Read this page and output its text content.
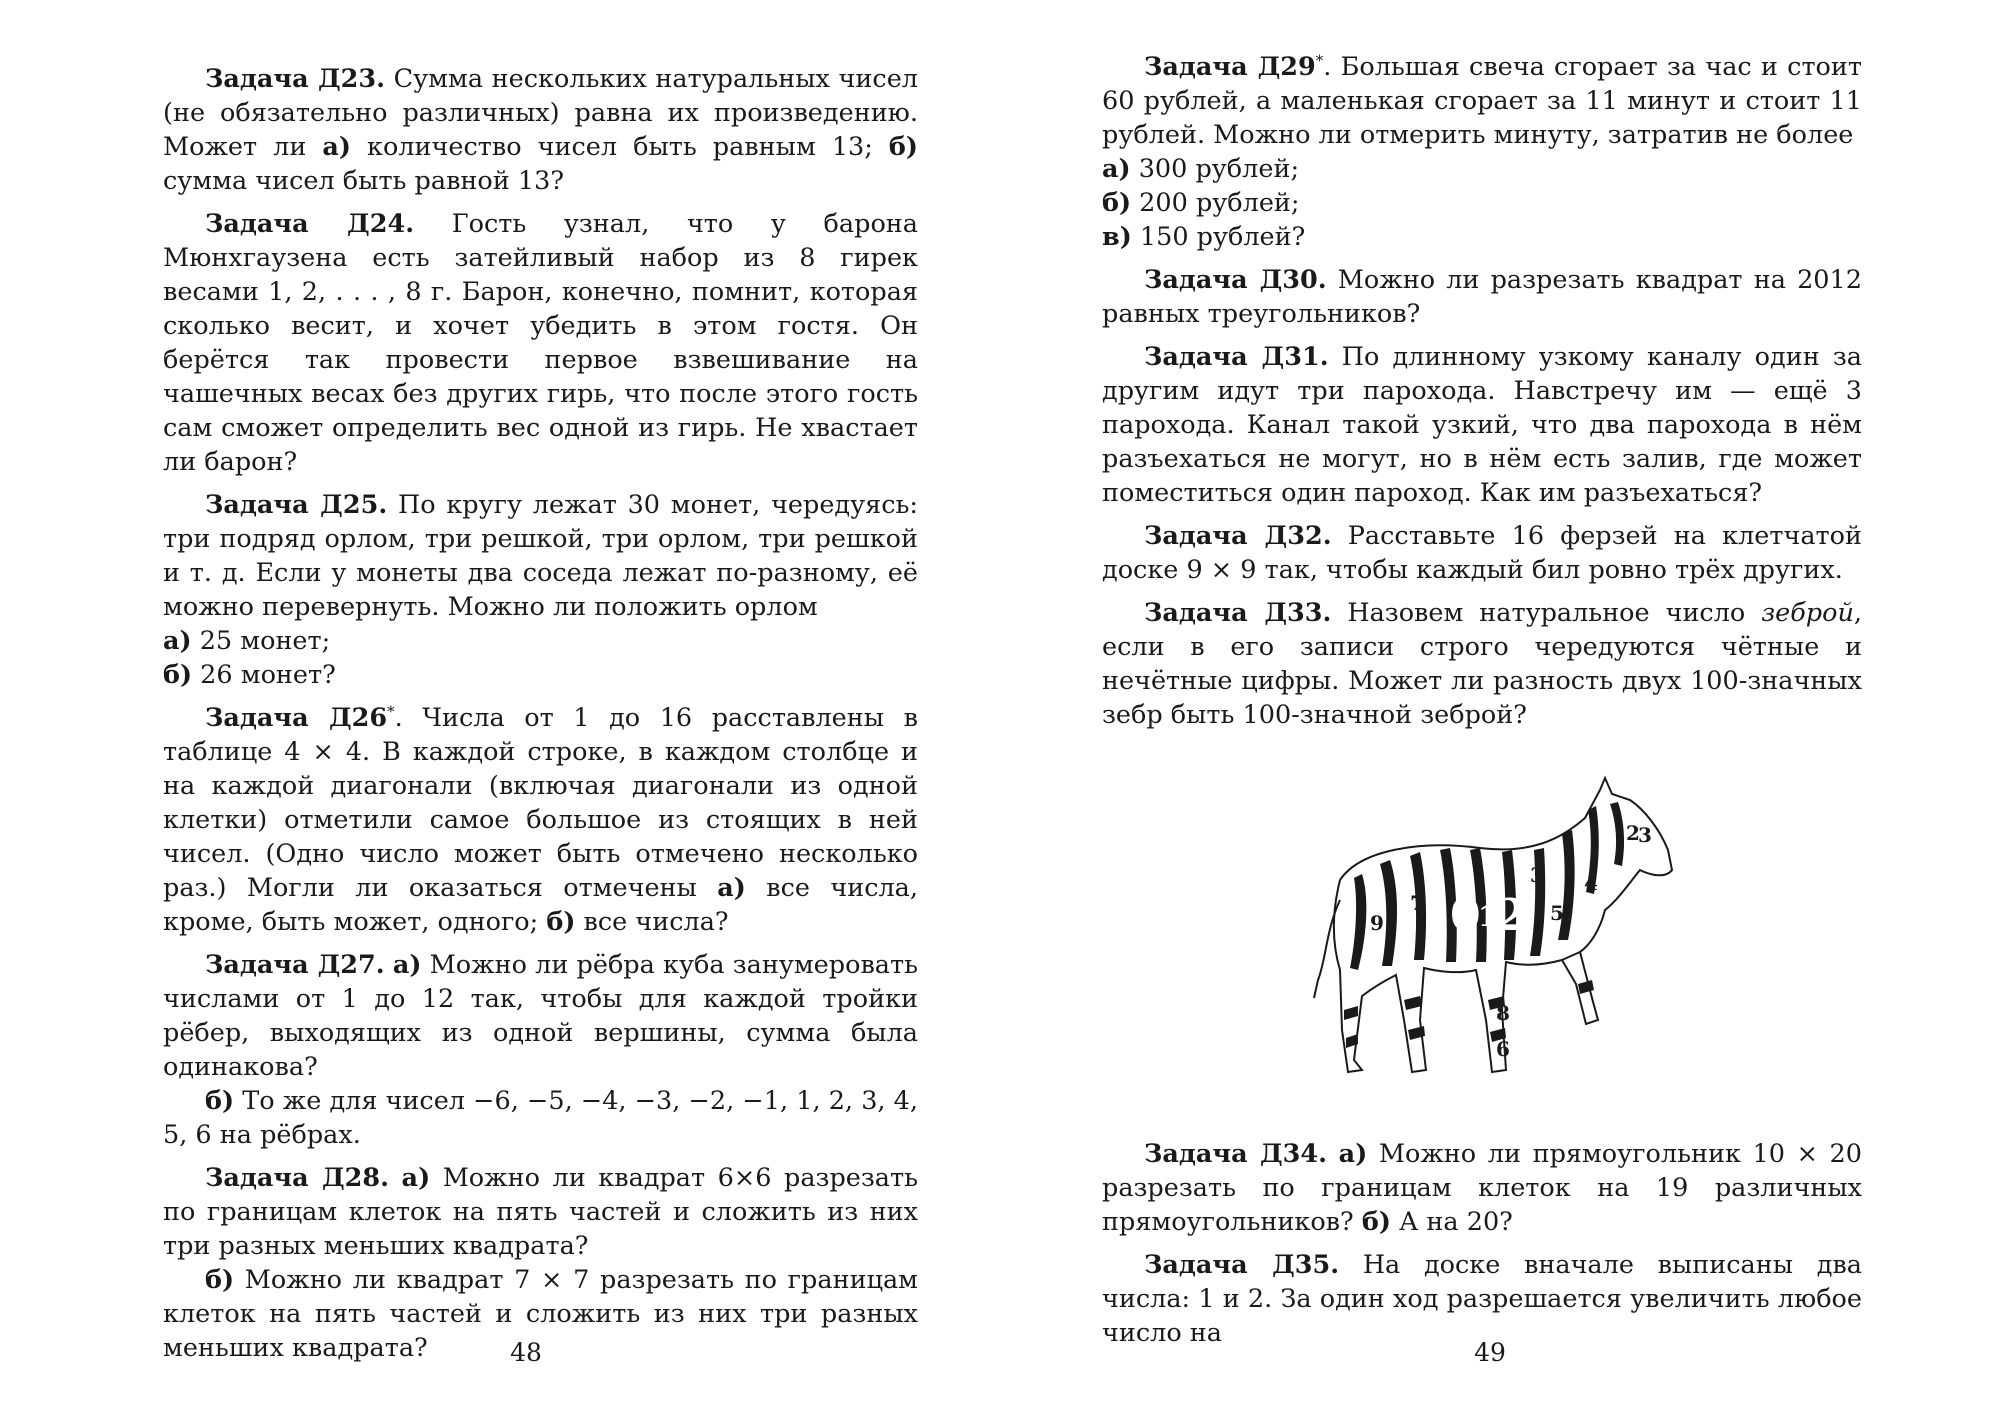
Задача Д23. Сумма нескольких натуральных чисел (не обязательно различных) равна их произведению. Может ли а) количество чисел быть равным 13; б) сумма чисел быть равной 13?

Задача Д24. Гость узнал, что у барона Мюнхгаузена есть затейливый набор из 8 гирек весами 1, 2, . . . , 8 г. Барон, конечно, помнит, которая сколько весит, и хочет убедить в этом гостя. Он берётся так провести первое взвешивание на чашечных весах без других гирь, что после этого гость сам сможет определить вес одной из гирь. Не хвастает ли барон?

Задача Д25. По кругу лежат 30 монет, чередуясь: три подряд орлом, три решкой, три орлом, три решкой и т. д. Если у монеты два соседа лежат по-разному, её можно перевернуть. Можно ли положить орлом

а) 25 монет;

б) 26 монет?

Задача Д26*. Числа от 1 до 16 расставлены в таблице 4 × 4. В каждой строке, в каждом столбце и на каждой диагонали (включая диагонали из одной клетки) отметили самое большое из стоящих в ней чисел. (Одно число может быть отмечено несколько раз.) Могли ли оказаться отмечены а) все числа, кроме, быть может, одного; б) все числа?

Задача Д27. а) Можно ли рёбра куба занумеровать числами от 1 до 12 так, чтобы для каждой тройки рёбер, выходящих из одной вершины, сумма была одинакова?

б) То же для чисел −6, −5, −4, −3, −2, −1, 1, 2, 3, 4, 5, 6 на рёбрах.

Задача Д28. а) Можно ли квадрат 6×6 разрезать по границам клеток на пять частей и сложить из них три разных меньших квадрата?

б) Можно ли квадрат 7 × 7 разрезать по границам клеток на пять частей и сложить из них три разных меньших квадрата?	48

Задача Д29*. Большая свеча сгорает за час и стоит 60 рублей, а маленькая сгорает за 11 минут и стоит 11 рублей. Можно ли отмерить минуту, затратив не более

а) 300 рублей;

б) 200 рублей;

в) 150 рублей?

Задача Д30. Можно ли разрезать квадрат на 2012 равных треугольников?

Задача Д31. По длинному узкому каналу один за другим идут три парохода. Навстречу им — ещё 3 парохода. Канал такой узкий, что два парохода в нём разъехаться не могут, но в нём есть залив, где может поместиться один пароход. Как им разъехаться?

Задача Д32. Расставьте 16 ферзей на клетчатой доске 9 × 9 так, чтобы каждый бил ровно трёх других.

Задача Д33. Назовем натуральное число зеброй, если в его записи строго чередуются чётные и нечётные цифры. Может ли разность двух 100-значных зебр быть 100-значной зеброй?

0
1
2
3
2
3
5
7
9
4
6
8

Задача Д34. а) Можно ли прямоугольник 10 × 20 разрезать по границам клеток на 19 различных прямоугольников? б) А на 20?

Задача Д35. На доске вначале выписаны два числа: 1 и 2. За один ход разрешается увеличить любое число на

49
